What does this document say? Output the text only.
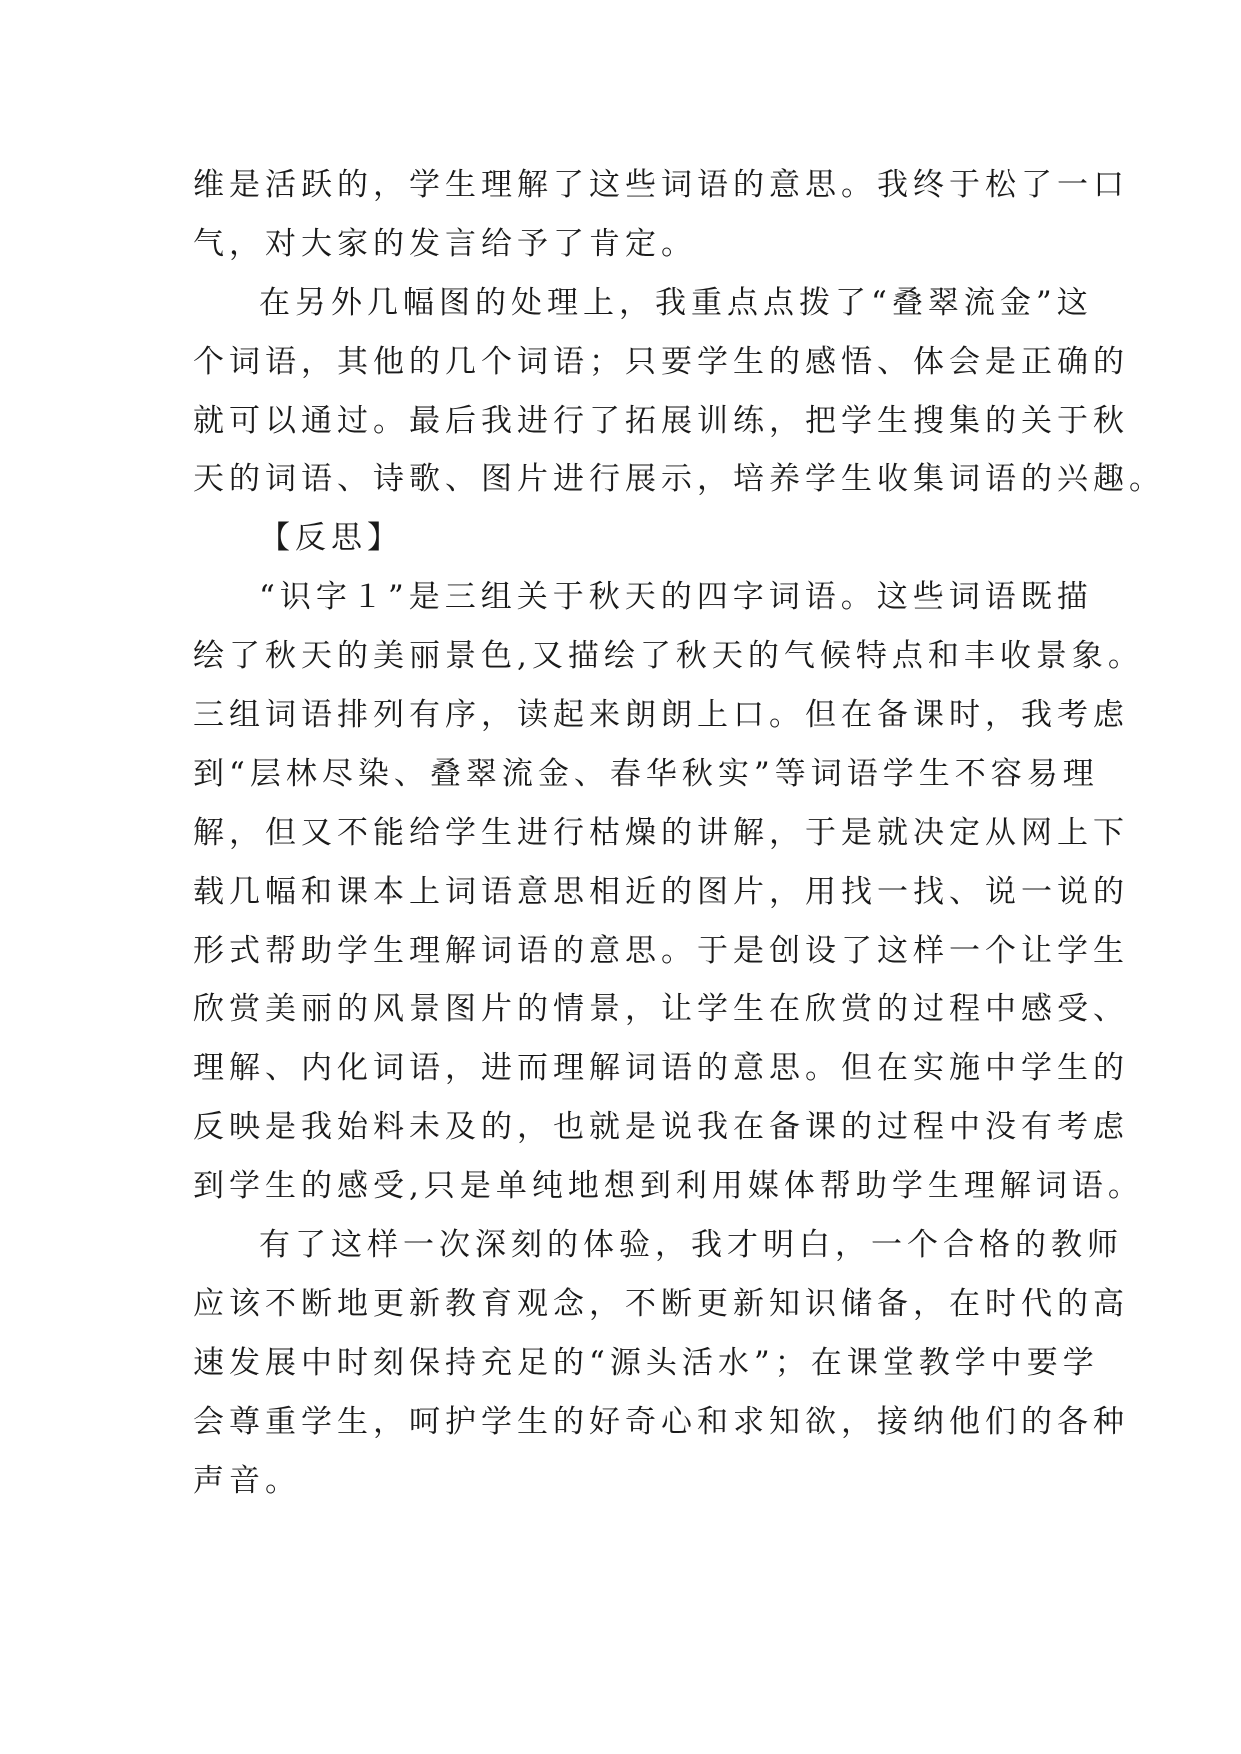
维是活跃的，学生理解了这些词语的意思。我终于松了一口
气，对大家的发言给予了肯定。
在另外几幅图的处理上，我重点点拨了“叠翠流金”这
个词语，其他的几个词语；只要学生的感悟、体会是正确的
就可以通过。最后我进行了拓展训练，把学生搜集的关于秋
天的词语、诗歌、图片进行展示，培养学生收集词语的兴趣。
【反思】
“识字１”是三组关于秋天的四字词语。这些词语既描
绘了秋天的美丽景色,又描绘了秋天的气候特点和丰收景象。
三组词语排列有序，读起来朗朗上口。但在备课时，我考虑
到“层林尽染、叠翠流金、春华秋实”等词语学生不容易理
解，但又不能给学生进行枯燥的讲解，于是就决定从网上下
载几幅和课本上词语意思相近的图片，用找一找、说一说的
形式帮助学生理解词语的意思。于是创设了这样一个让学生
欣赏美丽的风景图片的情景，让学生在欣赏的过程中感受、
理解、内化词语，进而理解词语的意思。但在实施中学生的
反映是我始料未及的，也就是说我在备课的过程中没有考虑
到学生的感受,只是单纯地想到利用媒体帮助学生理解词语。
有了这样一次深刻的体验，我才明白，一个合格的教师
应该不断地更新教育观念，不断更新知识储备，在时代的高
速发展中时刻保持充足的“源头活水”；在课堂教学中要学
会尊重学生，呵护学生的好奇心和求知欲，接纳他们的各种
声音。
